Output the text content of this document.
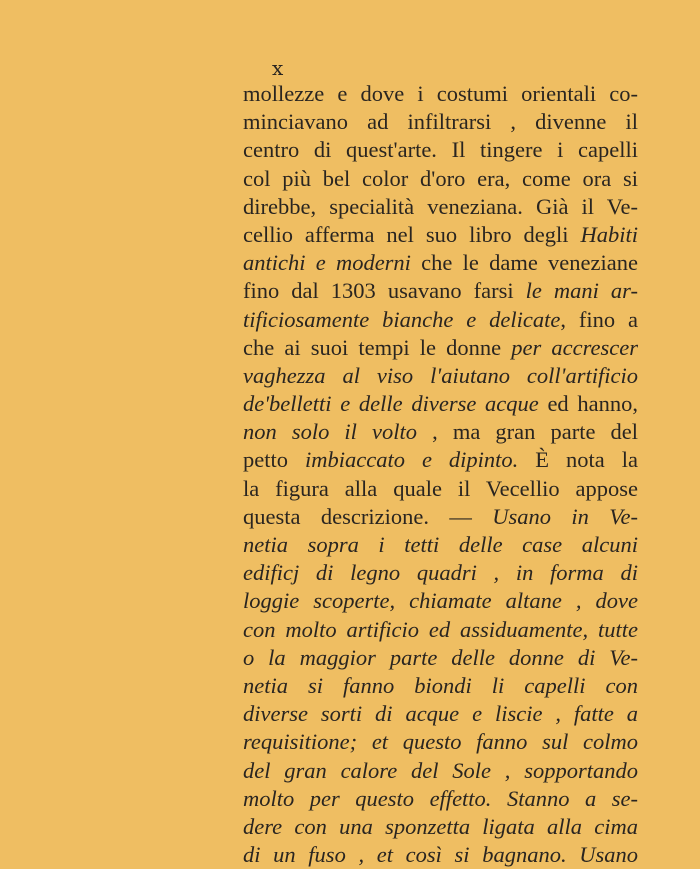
x
mollezze e dove i costumi orientali co-
minciavano ad infiltrarsi , divenne il
centro di quest'arte. Il tingere i capelli
col più bel color d'oro era, come ora si
direbbe, specialità veneziana. Già il Ve-
cellio afferma nel suo libro degli Habiti
antichi e moderni che le dame veneziane
fino dal 1303 usavano farsi le mani ar-
tificiosamente bianche e delicate, fino a
che ai suoi tempi le donne per accrescer
vaghezza al viso l'aiutano coll'artificio
de'belletti e delle diverse acque ed hanno,
non solo il volto , ma gran parte del
petto imbiaccato e dipinto. È nota la
la figura alla quale il Vecellio appose
questa descrizione. — Usano in Ve-
netia sopra i tetti delle case alcuni
edificj di legno quadri , in forma di
loggie scoperte, chiamate altane , dove
con molto artificio ed assiduamente, tutte
o la maggior parte delle donne di Ve-
netia si fanno biondi li capelli con
diverse sorti di acque e liscie , fatte a
requisitione; et questo fanno sul colmo
del gran calore del Sole , sopportando
molto per questo effetto. Stanno a se-
dere con una sponzetta ligata alla cima
di un fuso , et così si bagnano. Usano
